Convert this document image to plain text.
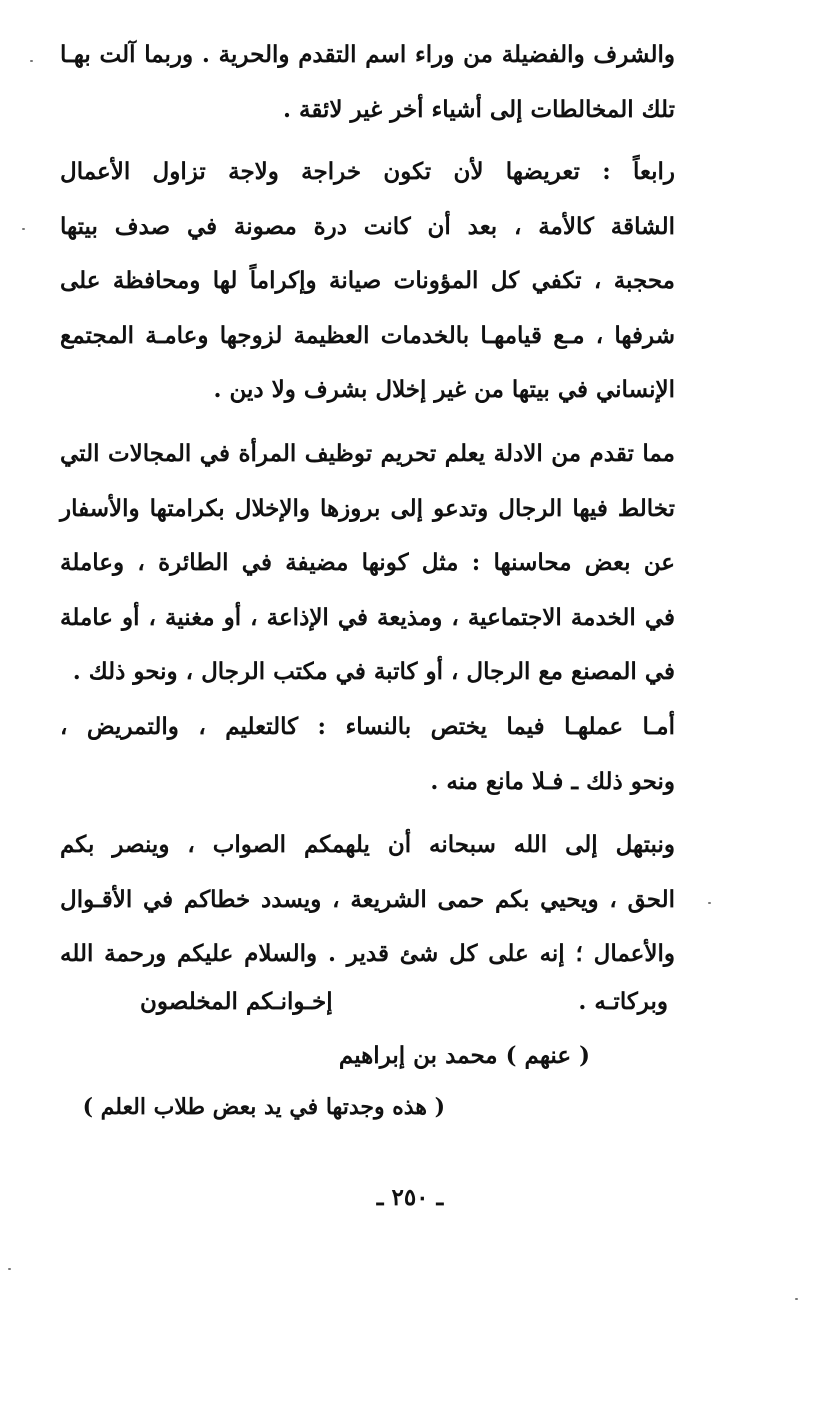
والشرف والفضيلة من وراء اسم التقدم والحرية . وربما آلت بهـا
تلك المخالطات إلى أشياء أخر غير لائقة .

رابعاً : تعريضها لأن تكون خراجة ولاجة تزاول الأعمال
الشاقة كالأمة ، بعد أن كانت درة مصونة في صدف بيتها
محجبة ، تكفي كل المؤونات صيانة وإكراماً لها ومحافظة على
شرفها ، مـع قيامهـا بالخدمات العظيمة لزوجها وعامـة المجتمع
الإنساني في بيتها من غير إخلال بشرف ولا دين .

مما تقدم من الادلة يعلم تحريم توظيف المرأة في المجالات التي
تخالط فيها الرجال وتدعو إلى بروزها والإخلال بكرامتها والأسفار
عن بعض محاسنها : مثل كونها مضيفة في الطائرة ، وعاملة
في الخدمة الاجتماعية ، ومذيعة في الإذاعة ، أو مغنية ، أو عاملة
في المصنع مع الرجال ، أو كاتبة في مكتب الرجال ، ونحو ذلك .

أمـا عملهـا فيما يختص بالنساء : كالتعليم ، والتمريض ،
ونحو ذلك ـ فـلا مانع منه .

ونبتهل إلى الله سبحانه أن يلهمكم الصواب ، وينصر بكم
الحق ، ويحيي بكم حمى الشريعة ، ويسدد خطاكم في الأقـوال
والأعمال ؛ إنه على كل شئ قدير . والسلام عليكم ورحمة الله

وبركاتـه .
إخـوانـكم المخلصون
( عنهم ) محمد بن إبراهيم
( هذه وجدتها في يد بعض طلاب العلم )
ـ ٢٥٠ ـ
